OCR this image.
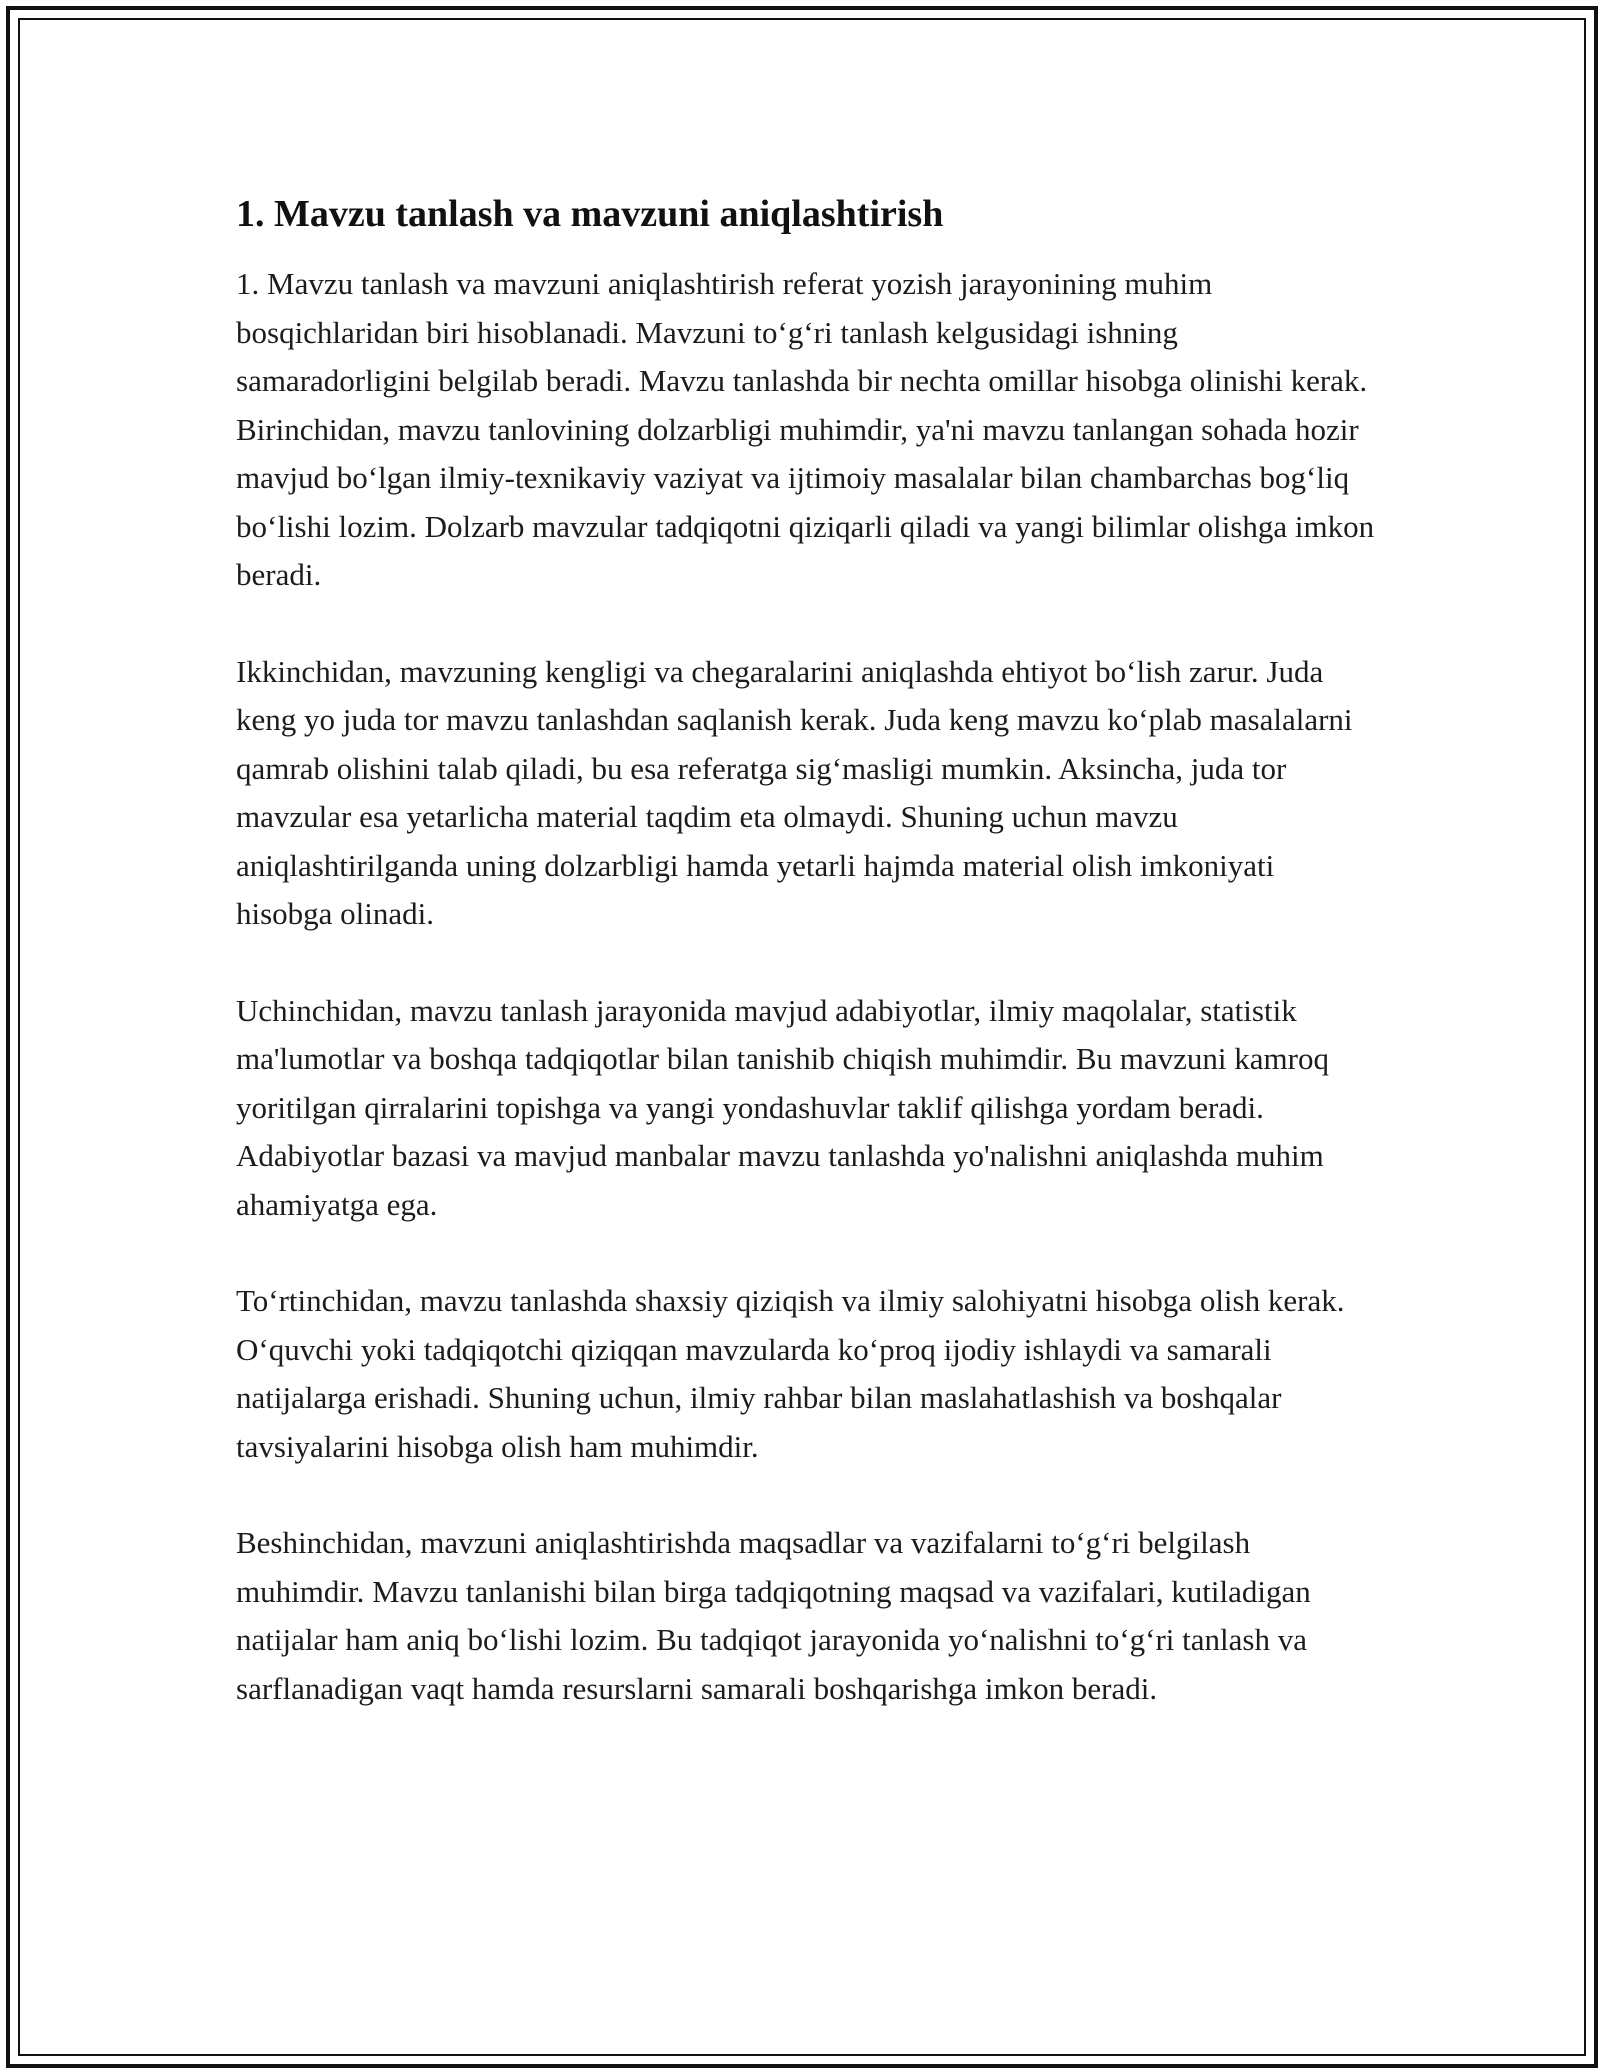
1. Mavzu tanlash va mavzuni aniqlashtirish

1. Mavzu tanlash va mavzuni aniqlashtirish referat yozish jarayonining muhim bosqichlaridan biri hisoblanadi. Mavzuni to‘g‘ri tanlash kelgusidagi ishning samaradorligini belgilab beradi. Mavzu tanlashda bir nechta omillar hisobga olinishi kerak. Birinchidan, mavzu tanlovining dolzarbligi muhimdir, ya'ni mavzu tanlangan sohada hozir mavjud bo‘lgan ilmiy-texnikaviy vaziyat va ijtimoiy masalalar bilan chambarchas bog‘liq bo‘lishi lozim. Dolzarb mavzular tadqiqotni qiziqarli qiladi va yangi bilimlar olishga imkon beradi.

Ikkinchidan, mavzuning kengligi va chegaralarini aniqlashda ehtiyot bo‘lish zarur. Juda keng yo juda tor mavzu tanlashdan saqlanish kerak. Juda keng mavzu ko‘plab masalalarni qamrab olishini talab qiladi, bu esa referatga sig‘masligi mumkin. Aksincha, juda tor mavzular esa yetarlicha material taqdim eta olmaydi. Shuning uchun mavzu aniqlashtirilganda uning dolzarbligi hamda yetarli hajmda material olish imkoniyati hisobga olinadi.

Uchinchidan, mavzu tanlash jarayonida mavjud adabiyotlar, ilmiy maqolalar, statistik ma'lumotlar va boshqa tadqiqotlar bilan tanishib chiqish muhimdir. Bu mavzuni kamroq yoritilgan qirralarini topishga va yangi yondashuvlar taklif qilishga yordam beradi. Adabiyotlar bazasi va mavjud manbalar mavzu tanlashda yo'nalishni aniqlashda muhim ahamiyatga ega.

To‘rtinchidan, mavzu tanlashda shaxsiy qiziqish va ilmiy salohiyatni hisobga olish kerak. O‘quvchi yoki tadqiqotchi qiziqqan mavzularda ko‘proq ijodiy ishlaydi va samarali natijalarga erishadi. Shuning uchun, ilmiy rahbar bilan maslahatlashish va boshqalar tavsiyalarini hisobga olish ham muhimdir.

Beshinchidan, mavzuni aniqlashtirishda maqsadlar va vazifalarni to‘g‘ri belgilash muhimdir. Mavzu tanlanishi bilan birga tadqiqotning maqsad va vazifalari, kutiladigan natijalar ham aniq bo‘lishi lozim. Bu tadqiqot jarayonida yo‘nalishni to‘g‘ri tanlash va sarflanadigan vaqt hamda resurslarni samarali boshqarishga imkon beradi.
